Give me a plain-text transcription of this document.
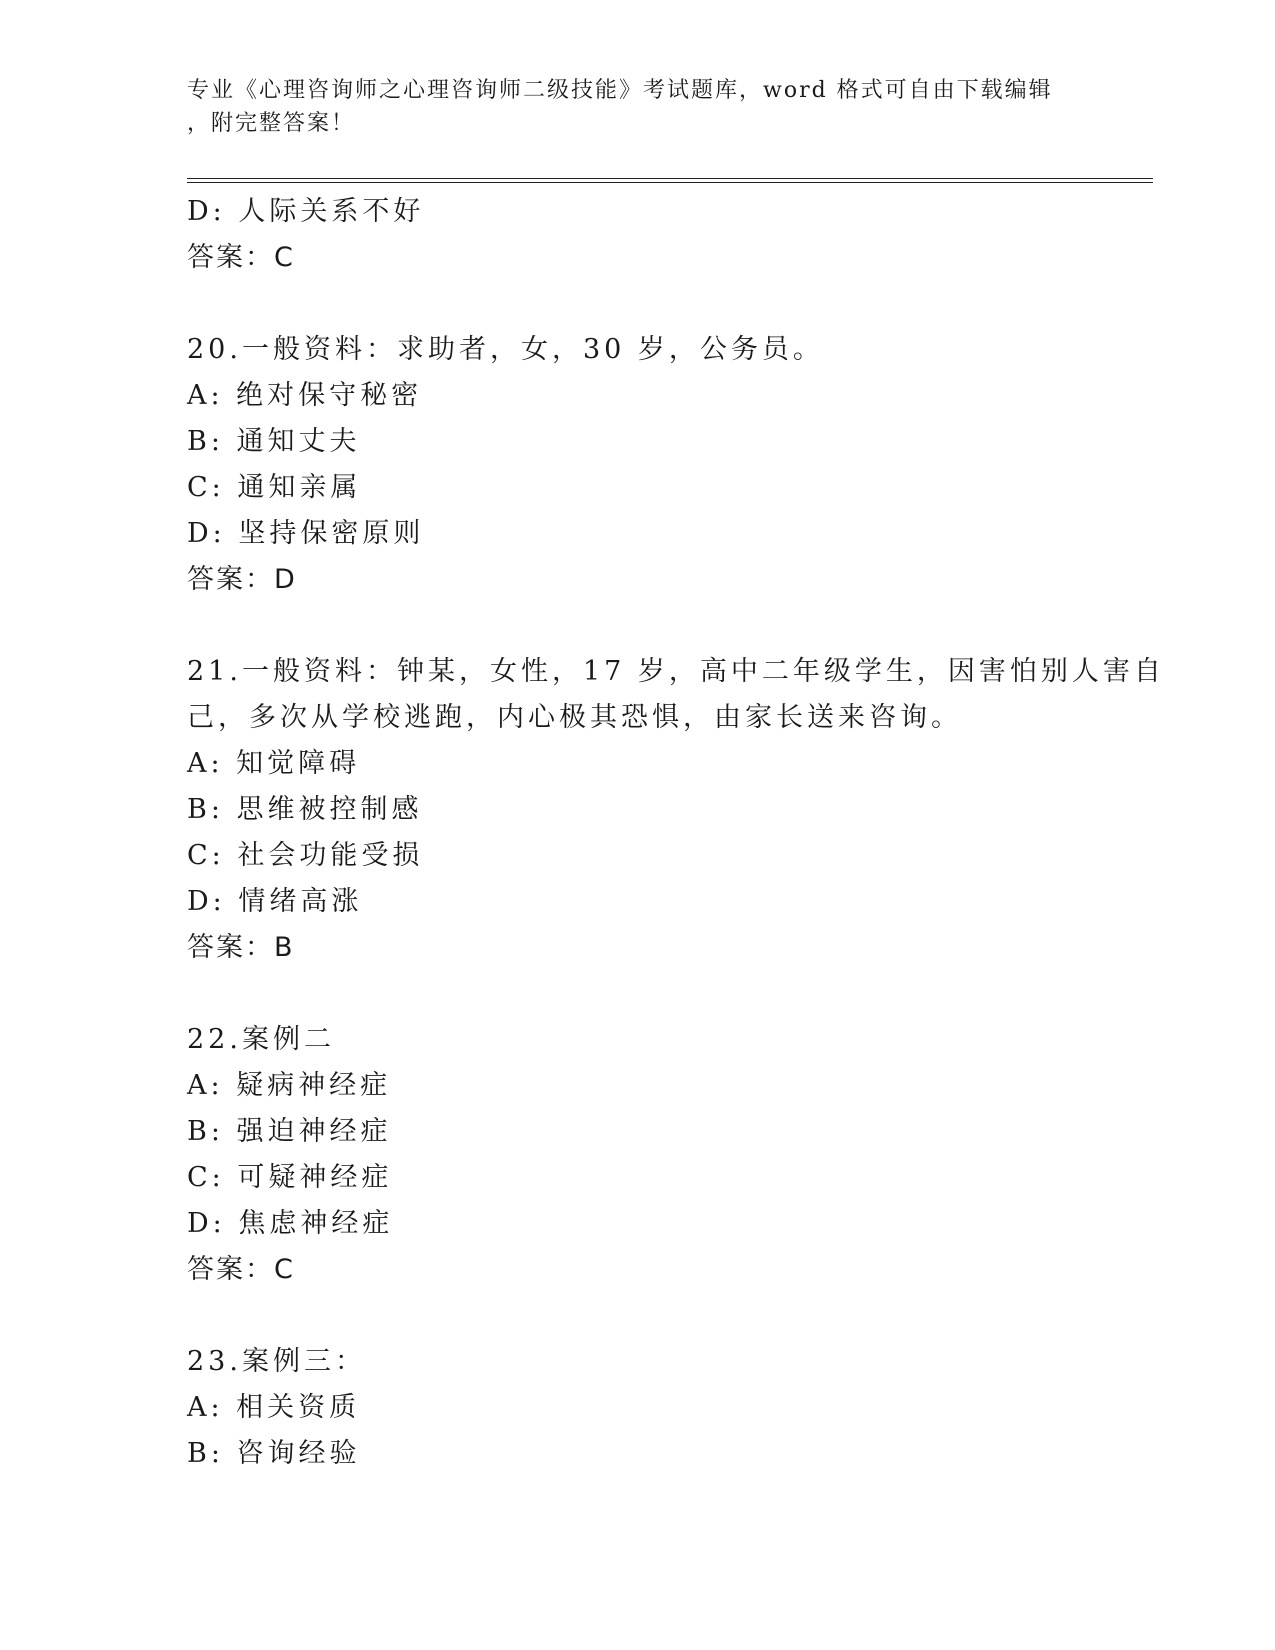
专业《心理咨询师之心理咨询师二级技能》考试题库，word 格式可自由下载编辑
，附完整答案！
D: 人际关系不好
答案：C
20.一般资料：求助者，女，30 岁，公务员。
A: 绝对保守秘密
B: 通知丈夫
C: 通知亲属
D: 坚持保密原则
答案：D
21.一般资料：钟某，女性，17 岁，高中二年级学生，因害怕别人害自
己，多次从学校逃跑，内心极其恐惧，由家长送来咨询。
A: 知觉障碍
B: 思维被控制感
C: 社会功能受损
D: 情绪高涨
答案：B
22.案例二
A: 疑病神经症
B: 强迫神经症
C: 可疑神经症
D: 焦虑神经症
答案：C
23.案例三：
A: 相关资质
B: 咨询经验
